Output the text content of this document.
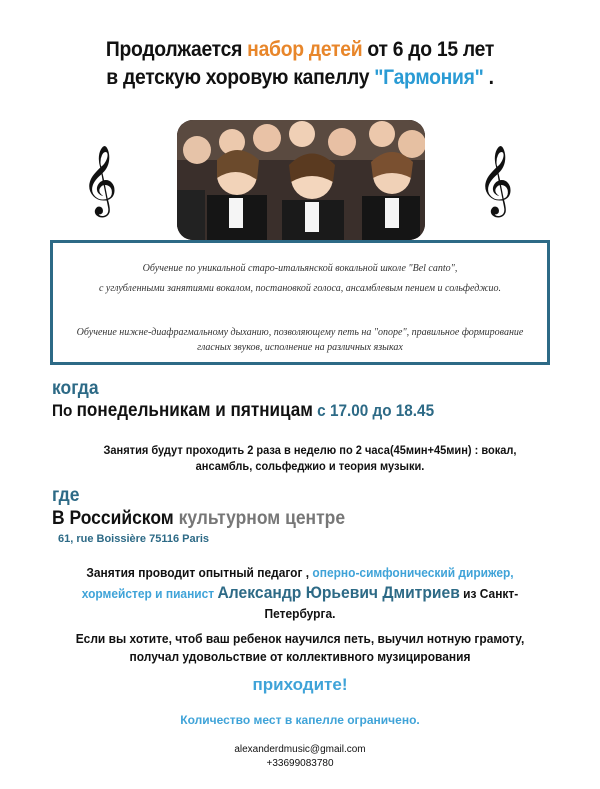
Продолжается набор детей от 6 до 15 лет
в детскую хоровую капеллу "Гармония" .
𝄞	𝄞

Обучение по уникальной старо-итальянской вокальной школе "Bel canto",

с углубленными занятиями вокалом, постановкой голоса, ансамблевым пением и сольфеджио.

Обучение нижне-диафрагмальному дыханию, позволяющему петь на "опоре", правильное формирование гласных звуков, исполнение на различных языках

когда
По понедельникам и пятницам с 17.00 до 18.45
Занятия будут проходить 2 раза в неделю по 2 часа(45мин+45мин) : вокал, ансамбль, сольфеджио и теория музыки.
где
В Российском культурном центре
61, rue Boissière 75116 Paris
Занятия проводит опытный педагог , оперно-симфонический дирижер, хормейстер и пианист Александр Юрьевич Дмитриев из Санкт-Петербурга.
Если вы хотите, чтоб ваш ребенок научился петь, выучил нотную грамоту, получал удовольствие от коллективного музицирования
приходите!
Количество мест в капелле ограничено.
alexanderdmusic@gmail.com
+33699083780
